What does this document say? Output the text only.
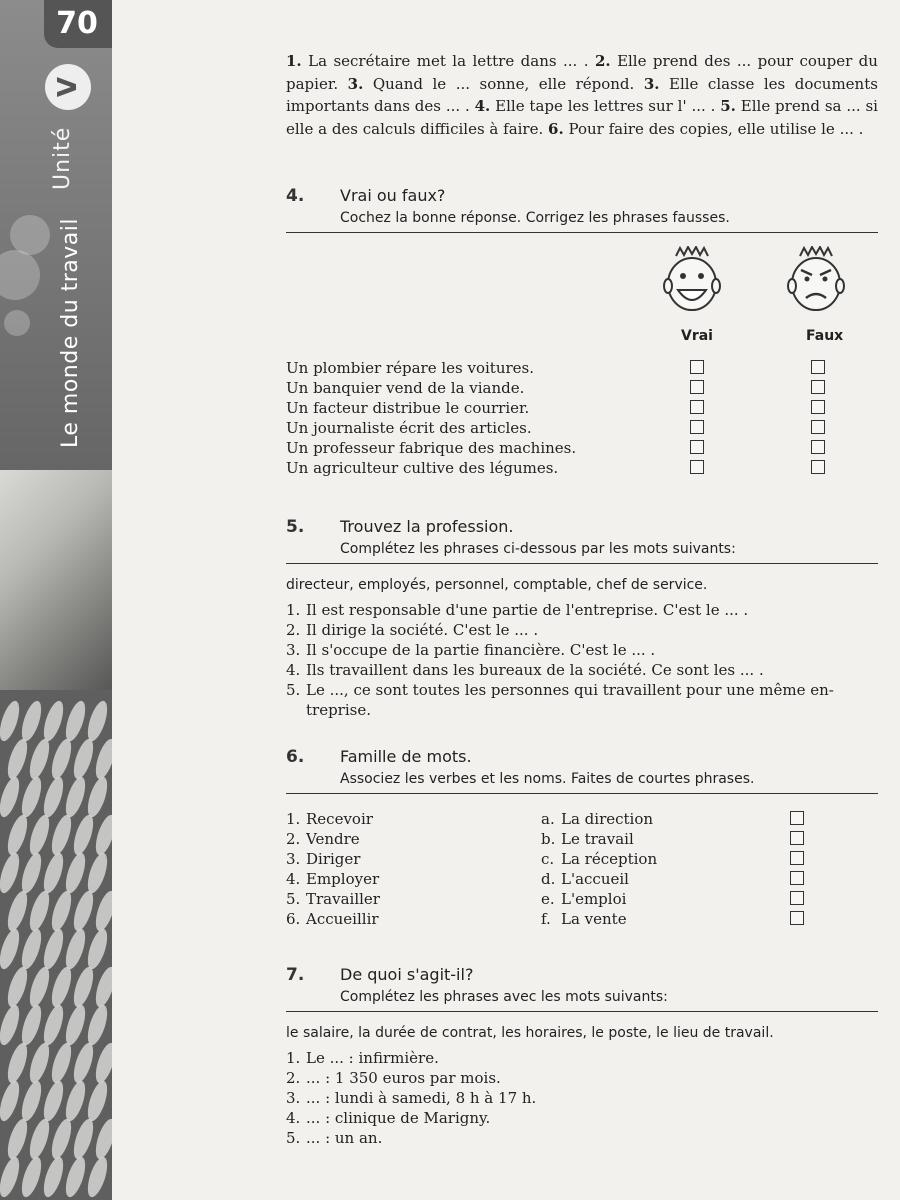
70
V
Unité
Le monde du travail
1. La secrétaire met la lettre dans ... . 2. Elle prend des ... pour couper du papier. 3. Quand le ... sonne, elle répond. 3. Elle classe les documents importants dans des ... . 4. Elle tape les lettres sur l' ... . 5. Elle prend sa ... si elle a des calculs difficiles à faire. 6. Pour faire des copies, elle utilise le ... .
4. Vrai ou faux?
Cochez la bonne réponse. Corrigez les phrases fausses.
Vrai	Faux
Un plombier répare les voitures.
Un banquier vend de la viande.
Un facteur distribue le courrier.
Un journaliste écrit des articles.
Un professeur fabrique des machines.
Un agriculteur cultive des légumes.
5. Trouvez la profession.
Complétez les phrases ci-dessous par les mots suivants:
directeur, employés, personnel, comptable, chef de service.
1. Il est responsable d'une partie de l'entreprise. C'est le ... .
2. Il dirige la société. C'est le ... .
3. Il s'occupe de la partie financière. C'est le ... .
4. Ils travaillent dans les bureaux de la société. Ce sont les ... .
5. Le ..., ce sont toutes les personnes qui travaillent pour une même en-
treprise.
6. Famille de mots.
Associez les verbes et les noms. Faites de courtes phrases.
1. Recevoir	a. La direction
2. Vendre	b. Le travail
3. Diriger	c. La réception
4. Employer	d. L'accueil
5. Travailler	e. L'emploi
6. Accueillir	f. La vente
7. De quoi s'agit-il?
Complétez les phrases avec les mots suivants:
le salaire, la durée de contrat, les horaires, le poste, le lieu de travail.
1. Le ... : infirmière.
2. ... : 1 350 euros par mois.
3. ... : lundi à samedi, 8 h à 17 h.
4. ... : clinique de Marigny.
5. ... : un an.
